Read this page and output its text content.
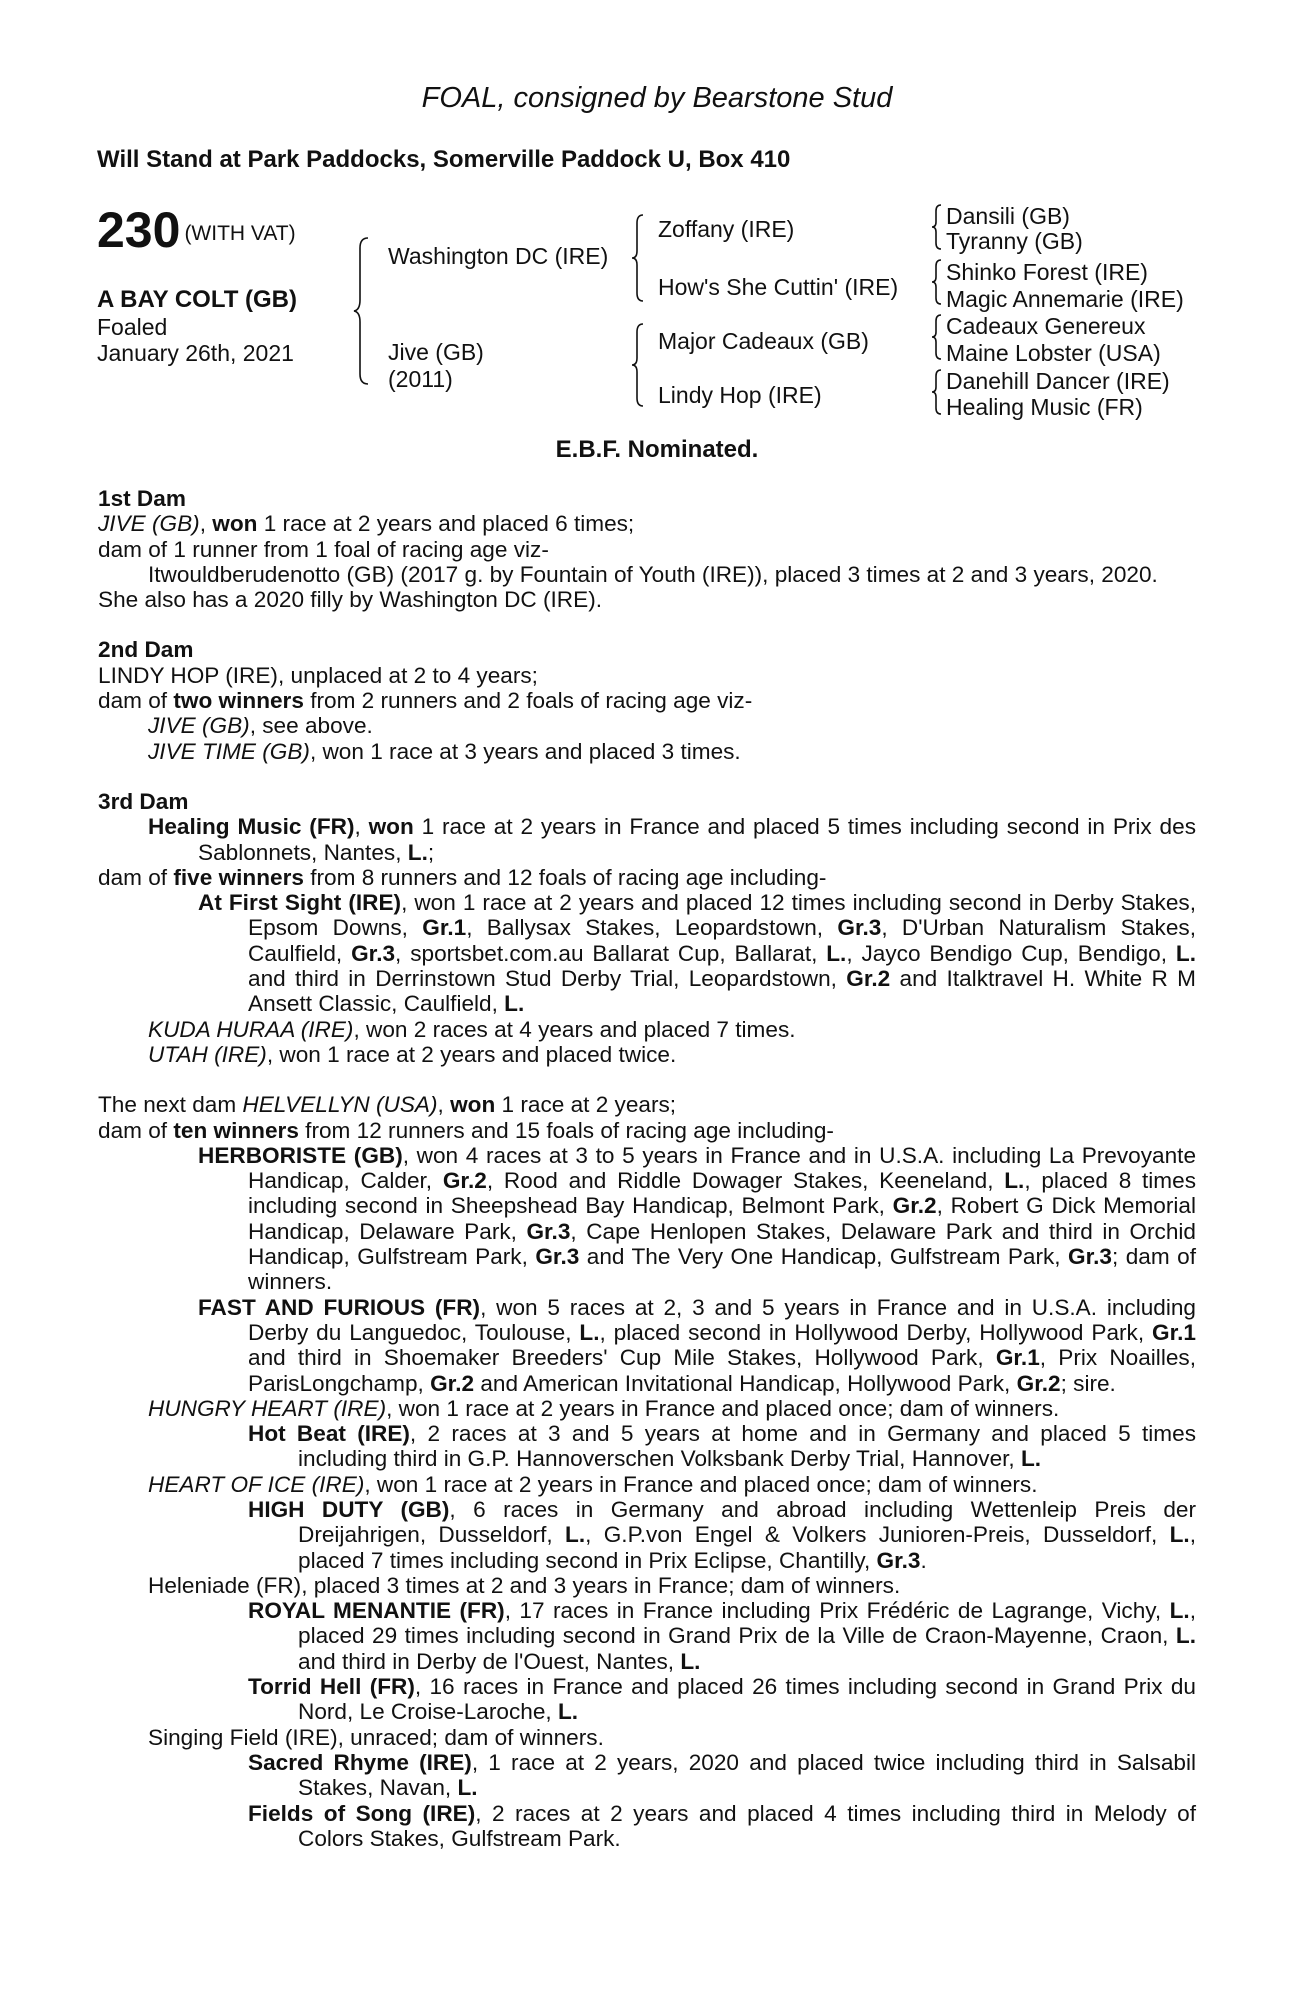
FOAL, consigned by Bearstone Stud
Will Stand at Park Paddocks, Somerville Paddock U, Box 410
230 (WITH VAT)
A BAY COLT (GB)
Foaled
January 26th, 2021
Washington DC (IRE)
Jive (GB)
(2011)
Zoffany (IRE)
How's She Cuttin' (IRE)
Major Cadeaux (GB)
Lindy Hop (IRE)
Dansili (GB)
Tyranny (GB)
Shinko Forest (IRE)
Magic Annemarie (IRE)
Cadeaux Genereux
Maine Lobster (USA)
Danehill Dancer (IRE)
Healing Music (FR)
E.B.F. Nominated.

1st Dam

JIVE (GB), won 1 race at 2 years and placed 6 times;

dam of 1 runner from 1 foal of racing age viz-

Itwouldberudenotto (GB) (2017 g. by Fountain of Youth (IRE)), placed 3 times at 2 and 3 years, 2020.

She also has a 2020 filly by Washington DC (IRE).

2nd Dam

LINDY HOP (IRE), unplaced at 2 to 4 years;

dam of two winners from 2 runners and 2 foals of racing age viz-

JIVE (GB), see above.

JIVE TIME (GB), won 1 race at 3 years and placed 3 times.

3rd Dam

Healing Music (FR), won 1 race at 2 years in France and placed 5 times including second in Prix des Sablonnets, Nantes, L.;

dam of five winners from 8 runners and 12 foals of racing age including-

At First Sight (IRE), won 1 race at 2 years and placed 12 times including second in Derby Stakes, Epsom Downs, Gr.1, Ballysax Stakes, Leopardstown, Gr.3, D'Urban Naturalism Stakes, Caulfield, Gr.3, sportsbet.com.au Ballarat Cup, Ballarat, L., Jayco Bendigo Cup, Bendigo, L. and third in Derrinstown Stud Derby Trial, Leopardstown, Gr.2 and Italktravel H. White R M Ansett Classic, Caulfield, L.

KUDA HURAA (IRE), won 2 races at 4 years and placed 7 times.

UTAH (IRE), won 1 race at 2 years and placed twice.

The next dam HELVELLYN (USA), won 1 race at 2 years;

dam of ten winners from 12 runners and 15 foals of racing age including-

HERBORISTE (GB), won 4 races at 3 to 5 years in France and in U.S.A. including La Prevoyante Handicap, Calder, Gr.2, Rood and Riddle Dowager Stakes, Keeneland, L., placed 8 times including second in Sheepshead Bay Handicap, Belmont Park, Gr.2, Robert G Dick Memorial Handicap, Delaware Park, Gr.3, Cape Henlopen Stakes, Delaware Park and third in Orchid Handicap, Gulfstream Park, Gr.3 and The Very One Handicap, Gulfstream Park, Gr.3; dam of winners.

FAST AND FURIOUS (FR), won 5 races at 2, 3 and 5 years in France and in U.S.A. including Derby du Languedoc, Toulouse, L., placed second in Hollywood Derby, Hollywood Park, Gr.1 and third in Shoemaker Breeders' Cup Mile Stakes, Hollywood Park, Gr.1, Prix Noailles, ParisLongchamp, Gr.2 and American Invitational Handicap, Hollywood Park, Gr.2; sire.

HUNGRY HEART (IRE), won 1 race at 2 years in France and placed once; dam of winners.

Hot Beat (IRE), 2 races at 3 and 5 years at home and in Germany and placed 5 times including third in G.P. Hannoverschen Volksbank Derby Trial, Hannover, L.

HEART OF ICE (IRE), won 1 race at 2 years in France and placed once; dam of winners.

HIGH DUTY (GB), 6 races in Germany and abroad including Wettenleip Preis der Dreijahrigen, Dusseldorf, L., G.P.von Engel & Volkers Junioren-Preis, Dusseldorf, L., placed 7 times including second in Prix Eclipse, Chantilly, Gr.3.

Heleniade (FR), placed 3 times at 2 and 3 years in France; dam of winners.

ROYAL MENANTIE (FR), 17 races in France including Prix Frédéric de Lagrange, Vichy, L., placed 29 times including second in Grand Prix de la Ville de Craon-Mayenne, Craon, L. and third in Derby de l'Ouest, Nantes, L.

Torrid Hell (FR), 16 races in France and placed 26 times including second in Grand Prix du Nord, Le Croise-Laroche, L.

Singing Field (IRE), unraced; dam of winners.

Sacred Rhyme (IRE), 1 race at 2 years, 2020 and placed twice including third in Salsabil Stakes, Navan, L.

Fields of Song (IRE), 2 races at 2 years and placed 4 times including third in Melody of Colors Stakes, Gulfstream Park.
